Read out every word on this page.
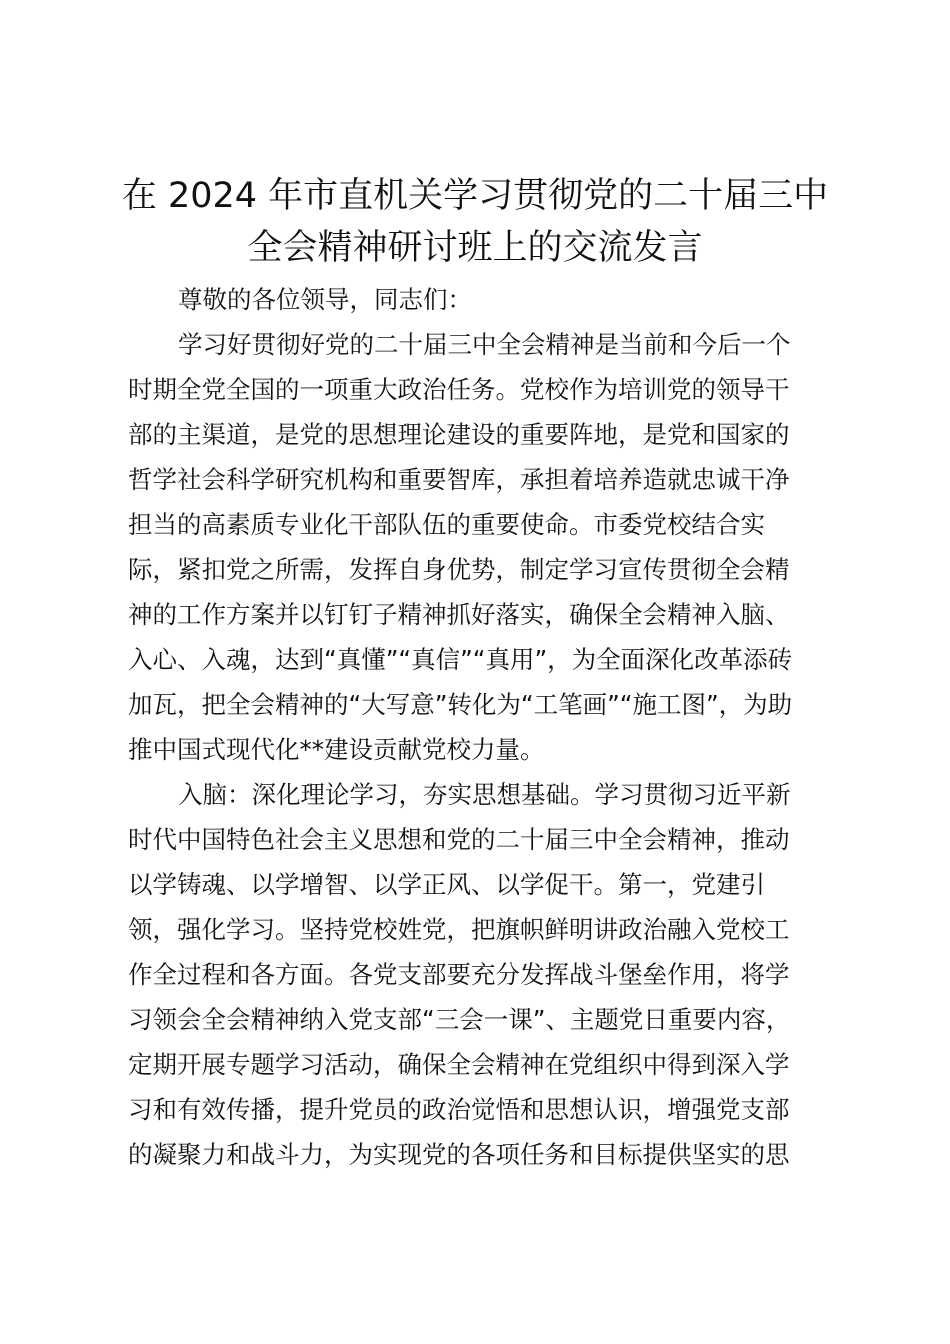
在 2024 年市直机关学习贯彻党的二十届三中
全会精神研讨班上的交流发言

尊敬的各位领导，同志们：

学习好贯彻好党的二十届三中全会精神是当前和今后一个

时期全党全国的一项重大政治任务。党校作为培训党的领导干

部的主渠道，是党的思想理论建设的重要阵地，是党和国家的

哲学社会科学研究机构和重要智库，承担着培养造就忠诚干净

担当的高素质专业化干部队伍的重要使命。市委党校结合实

际，紧扣党之所需，发挥自身优势，制定学习宣传贯彻全会精

神的工作方案并以钉钉子精神抓好落实，确保全会精神入脑、

入心、入魂，达到“真懂”“真信”“真用”，为全面深化改革添砖

加瓦，把全会精神的“大写意”转化为“工笔画”“施工图”，为助

推中国式现代化**建设贡献党校力量。

入脑：深化理论学习，夯实思想基础。学习贯彻习近平新

时代中国特色社会主义思想和党的二十届三中全会精神，推动

以学铸魂、以学增智、以学正风、以学促干。第一，党建引

领，强化学习。坚持党校姓党，把旗帜鲜明讲政治融入党校工

作全过程和各方面。各党支部要充分发挥战斗堡垒作用，将学

习领会全会精神纳入党支部“三会一课”、主题党日重要内容，

定期开展专题学习活动，确保全会精神在党组织中得到深入学

习和有效传播，提升党员的政治觉悟和思想认识，增强党支部

的凝聚力和战斗力，为实现党的各项任务和目标提供坚实的思
